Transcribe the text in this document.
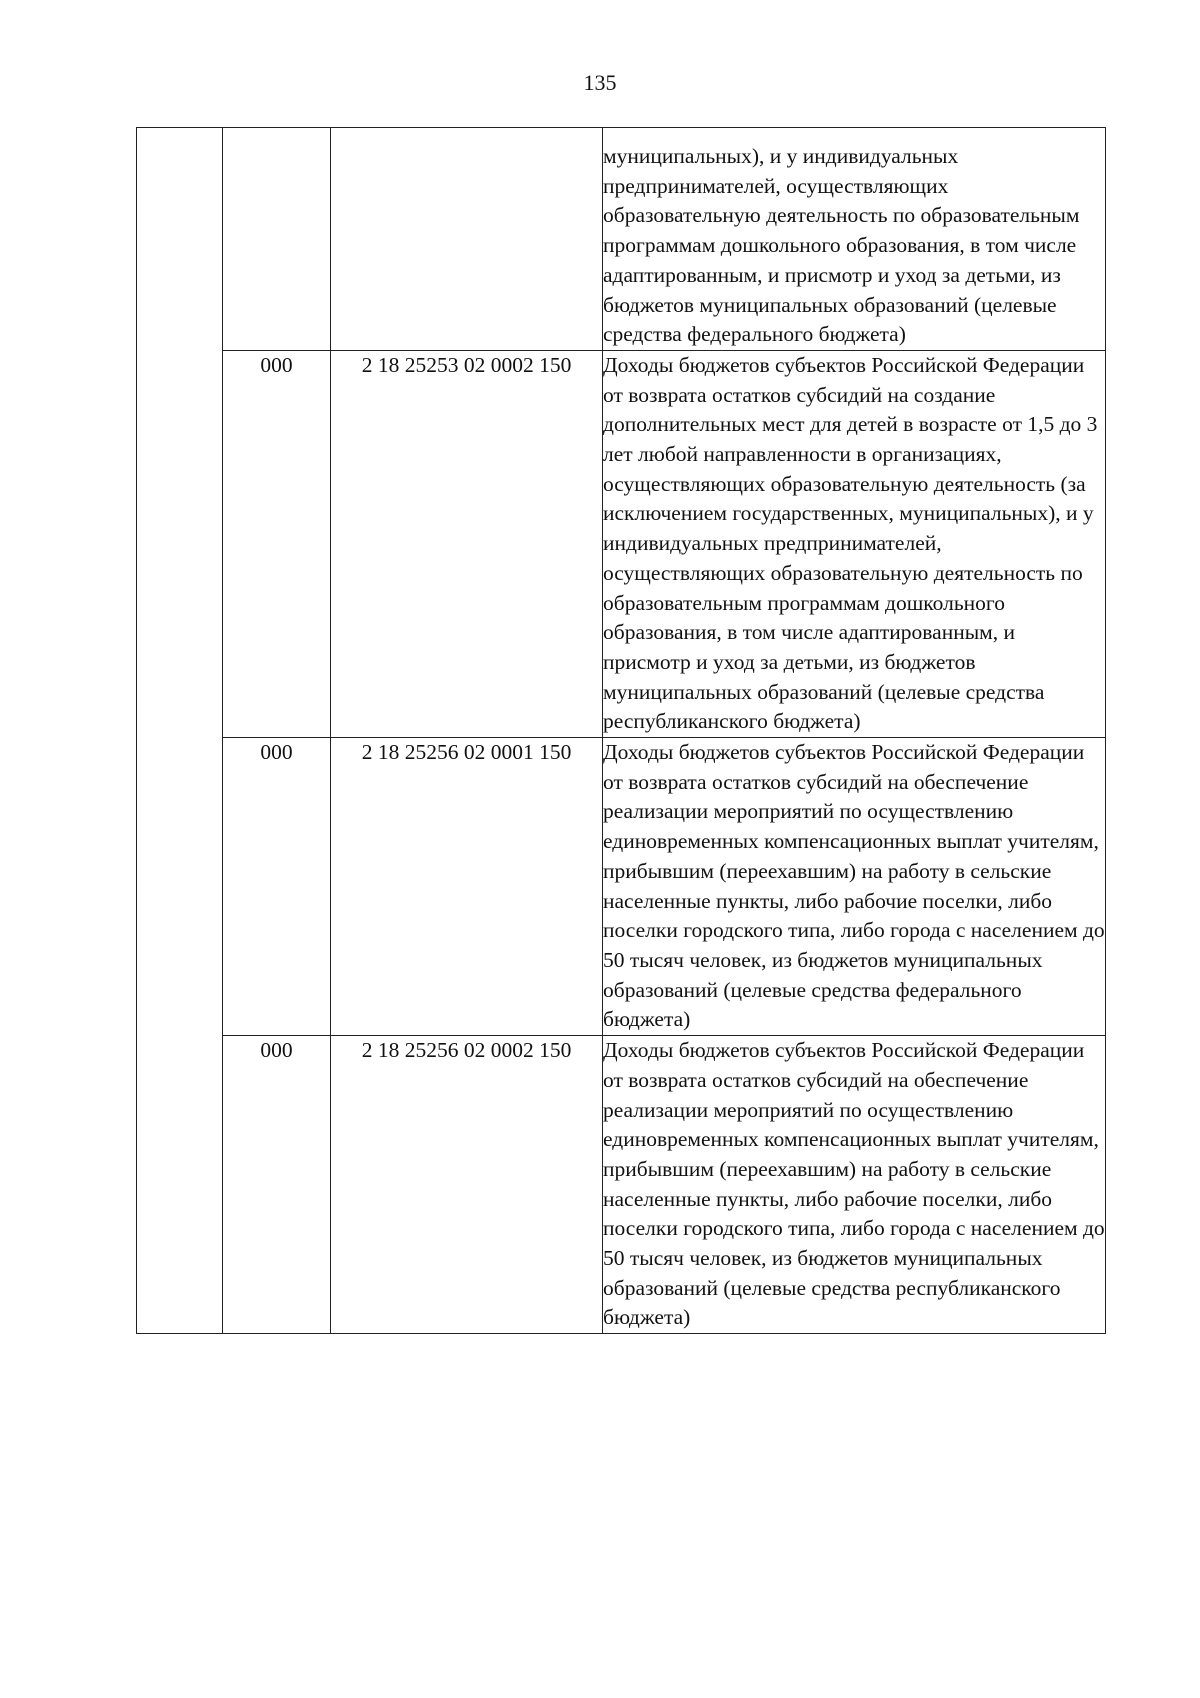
135
			муниципальных), и у индивидуальных предпринимателей, осуществляющих образовательную деятельность по образовательным программам дошкольного образования, в том числе адаптированным, и присмотр и уход за детьми, из бюджетов муниципальных образований (целевые средства федерального бюджета)
	000	2 18 25253 02 0002 150	Доходы бюджетов субъектов Российской Федерации от возврата остатков субсидий на создание дополнительных мест для детей в возрасте от 1,5 до 3 лет любой направленности в организациях, осуществляющих образовательную деятельность (за исключением государственных, муниципальных), и у индивидуальных предпринимателей, осуществляющих образовательную деятельность по образовательным программам дошкольного образования, в том числе адаптированным, и присмотр и уход за детьми, из бюджетов муниципальных образований (целевые средства республиканского бюджета)
	000	2 18 25256 02 0001 150	Доходы бюджетов субъектов Российской Федерации от возврата остатков субсидий на обеспечение реализации мероприятий по осуществлению единовременных компенсационных выплат учителям, прибывшим (переехавшим) на работу в сельские населенные пункты, либо рабочие поселки, либо поселки городского типа, либо города с населением до 50 тысяч человек, из бюджетов муниципальных образований (целевые средства федерального бюджета)
	000	2 18 25256 02 0002 150	Доходы бюджетов субъектов Российской Федерации от возврата остатков субсидий на обеспечение реализации мероприятий по осуществлению единовременных компенсационных выплат учителям, прибывшим (переехавшим) на работу в сельские населенные пункты, либо рабочие поселки, либо поселки городского типа, либо города с населением до 50 тысяч человек, из бюджетов муниципальных образований (целевые средства республиканского бюджета)
